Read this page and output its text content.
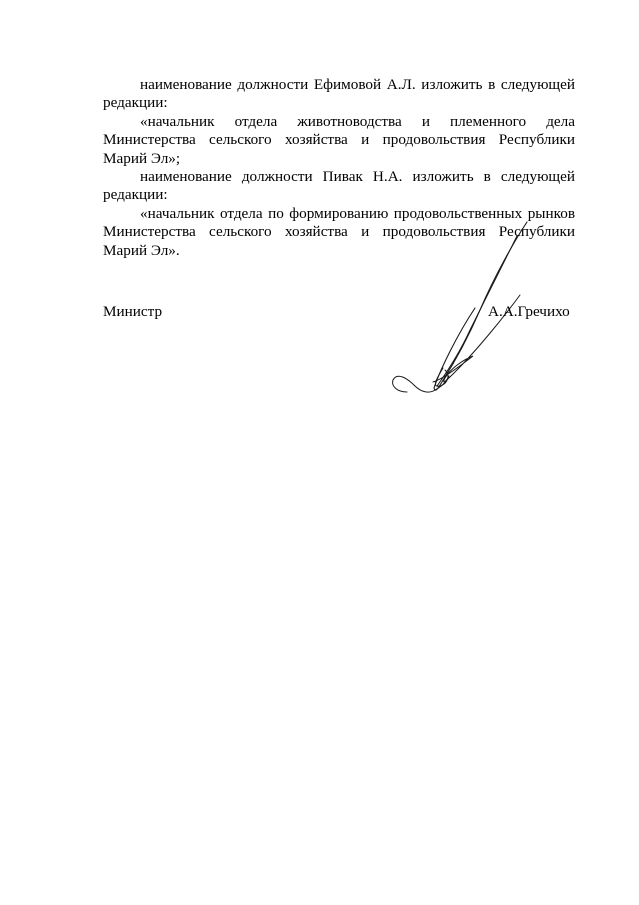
наименование должности Ефимовой А.Л. изложить в следующей редакции:

«начальник отдела животноводства и племенного дела Министерства сельского хозяйства и продовольствия Республики Марий Эл»;

наименование должности Пивак Н.А. изложить в следующей редакции:

«начальник отдела по формированию продовольственных рынков Министерства сельского хозяйства и продовольствия Республики Марий Эл».

Министр	А.А.Гречихо
